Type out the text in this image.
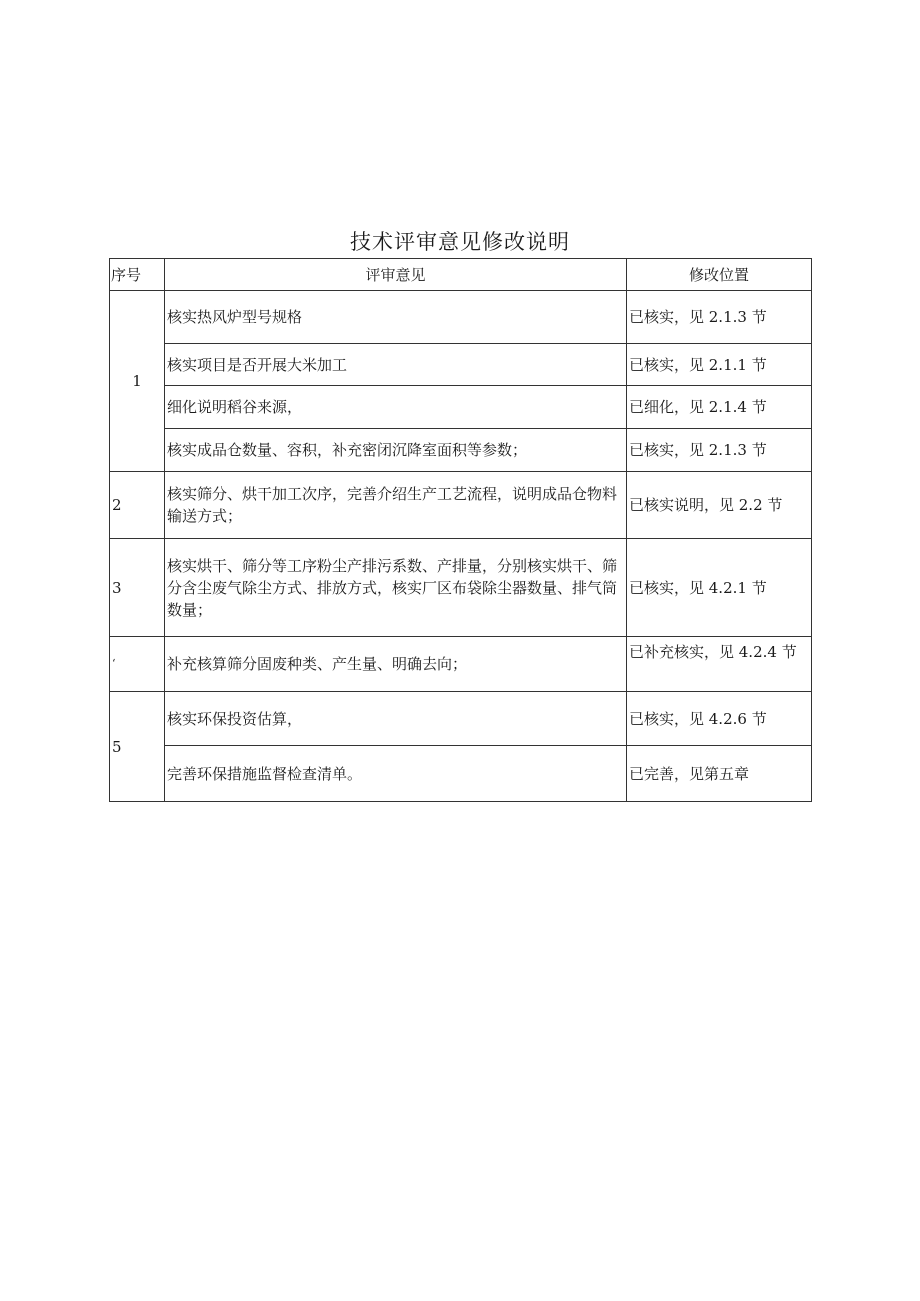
技术评审意见修改说明
序号	评审意见	修改位置
1	核实热风炉型号规格	已核实，见 2.1.3 节
	核实项目是否开展大米加工	已核实，见 2.1.1 节
	细化说明稻谷来源，	已细化，见 2.1.4 节
	核实成品仓数量、容积，补充密闭沉降室面积等参数；	已核实，见 2.1.3 节
2	核实筛分、烘干加工次序，完善介绍生产工艺流程，说明成品仓物料输送方式；	已核实说明，见 2.2 节
3	核实烘干、筛分等工序粉尘产排污系数、产排量，分别核实烘干、筛分含尘废气除尘方式、排放方式，核实厂区布袋除尘器数量、排气筒数量；	已核实，见 4.2.1 节
‘	补充核算筛分固废种类、产生量、明确去向；	已补充核实，见 4.2.4 节
5	核实环保投资估算，	已核实，见 4.2.6 节
	完善环保措施监督检查清单。	已完善，见第五章
